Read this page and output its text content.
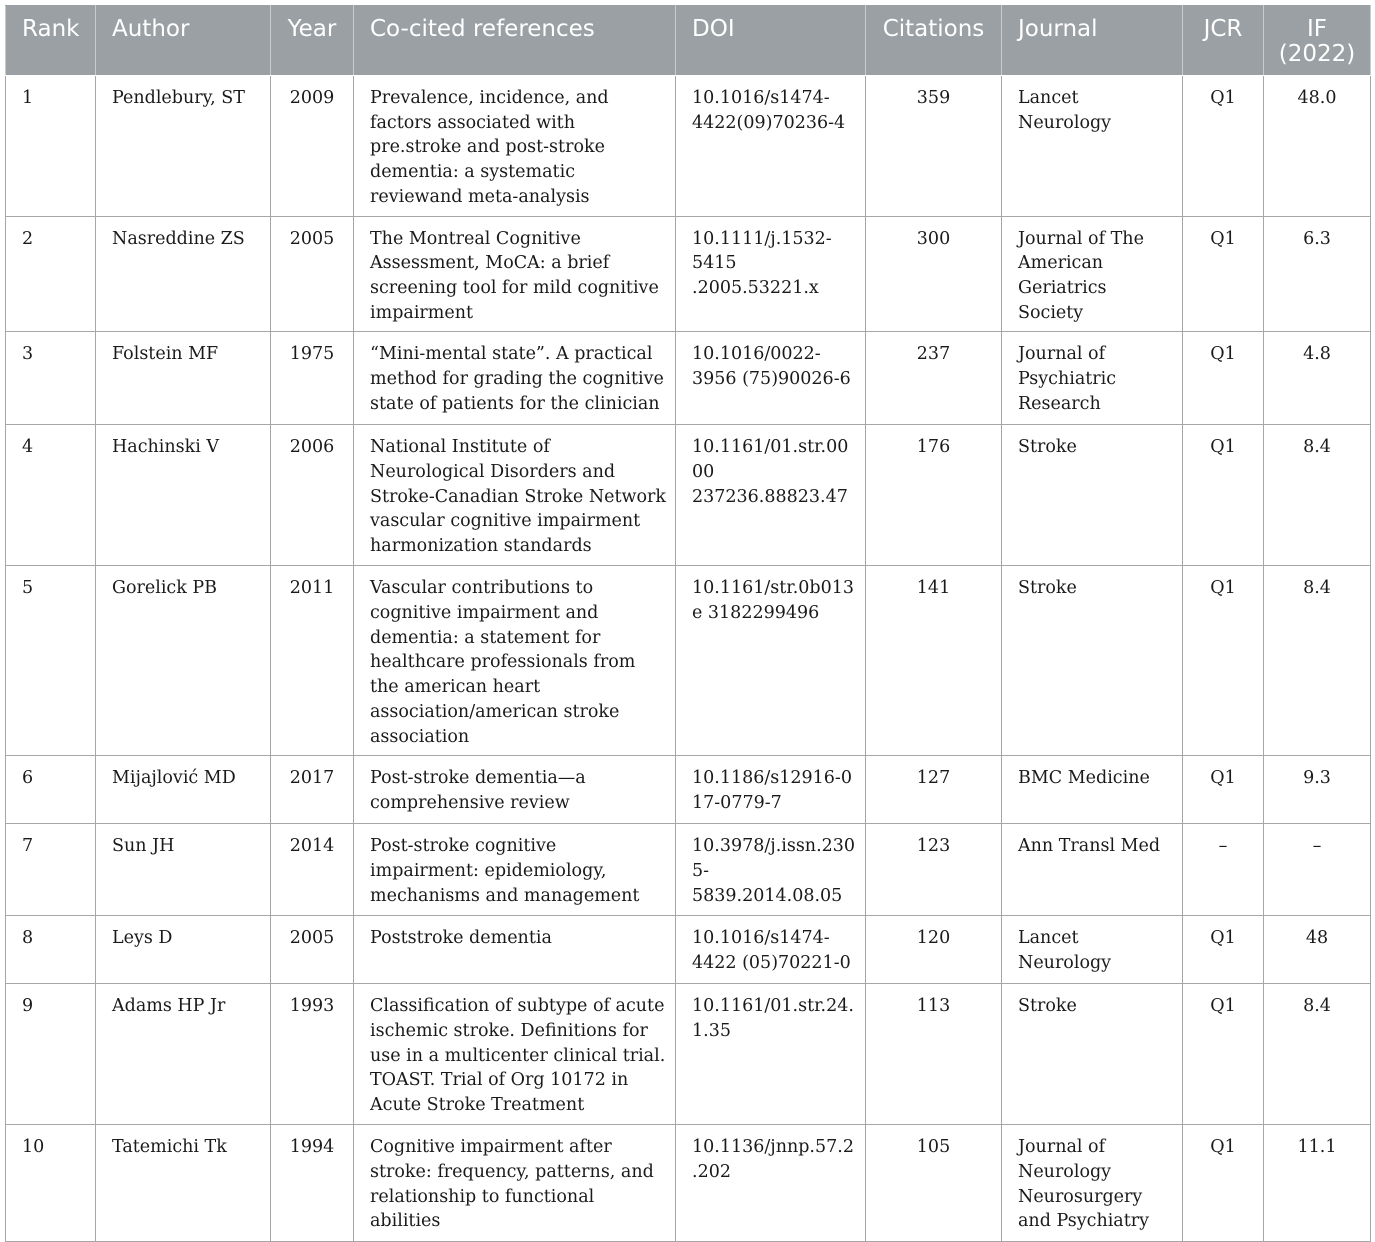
Rank	Author	Year	Co-cited references	DOI	Citations	Journal	JCR	IF (2022)
1	Pendlebury, ST	2009	Prevalence, incidence, and factors associated with pre.stroke and post-stroke dementia: a systematic reviewand meta-analysis	10.1016/s1474-4422(09)70236-4	359	Lancet Neurology	Q1	48.0
2	Nasreddine ZS	2005	The Montreal Cognitive Assessment, MoCA: a brief screening tool for mild cognitive impairment	10.1111/j.1532-5415 .2005.53221.x	300	Journal of The American Geriatrics Society	Q1	6.3
3	Folstein MF	1975	“Mini-mental state”. A practical method for grading the cognitive state of patients for the clinician	10.1016/0022-3956 (75)90026-6	237	Journal of Psychiatric Research	Q1	4.8
4	Hachinski V	2006	National Institute of Neurological Disorders and Stroke-Canadian Stroke Network vascular cognitive impairment harmonization standards	10.1161/01.str.0000 237236.88823.47	176	Stroke	Q1	8.4
5	Gorelick PB	2011	Vascular contributions to cognitive impairment and dementia: a statement for healthcare professionals from the american heart association/american stroke association	10.1161/str.0b013e 3182299496	141	Stroke	Q1	8.4
6	Mijajlović MD	2017	Post-stroke dementia—a comprehensive review	10.1186/s12916-0 17-0779-7	127	BMC Medicine	Q1	9.3
7	Sun JH	2014	Post-stroke cognitive impairment: epidemiology, mechanisms and management	10.3978/j.issn.2305-5839.2014.08.05	123	Ann Transl Med	–	–
8	Leys D	2005	Poststroke dementia	10.1016/s1474-4422 (05)70221-0	120	Lancet Neurology	Q1	48
9	Adams HP Jr	1993	Classification of subtype of acute ischemic stroke. Definitions for use in a multicenter clinical trial. TOAST. Trial of Org 10172 in Acute Stroke Treatment	10.1161/01.str.24.1.35	113	Stroke	Q1	8.4
10	Tatemichi Tk	1994	Cognitive impairment after stroke: frequency, patterns, and relationship to functional abilities	10.1136/jnnp.57.2.202	105	Journal of Neurology Neurosurgery and Psychiatry	Q1	11.1
